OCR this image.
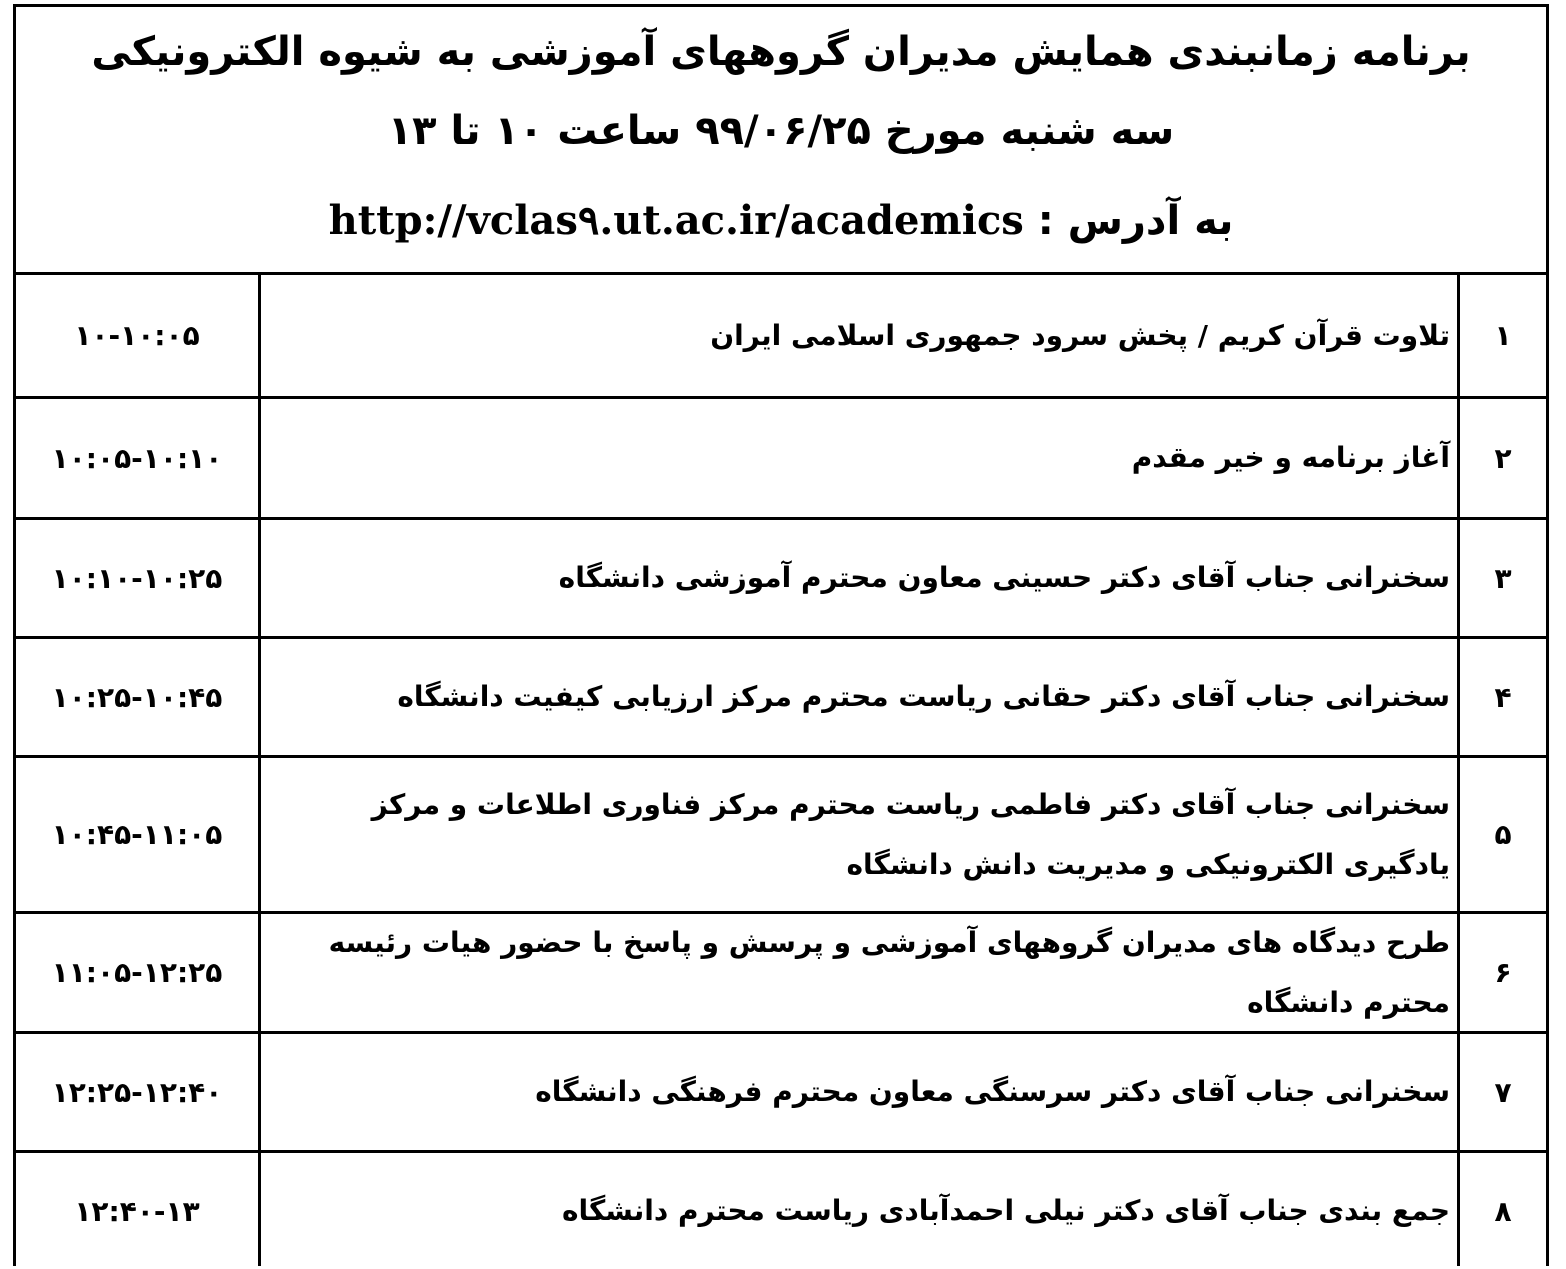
برنامه زمانبندی همایش مدیران گروههای آموزشی به شیوه الکترونیکی
سه شنبه مورخ ۹۹/۰۶/۲۵ ساعت ۱۰ تا ۱۳
به آدرس : http://vclas۹.ut.ac.ir/academics
۱
تلاوت قرآن کریم / پخش سرود جمهوری اسلامی ایران
۱۰-۱۰:۰۵
۲
آغاز برنامه و خیر مقدم
۱۰:۰۵-۱۰:۱۰
۳
سخنرانی جناب آقای دکتر حسینی معاون محترم آموزشی دانشگاه
۱۰:۱۰-۱۰:۲۵
۴
سخنرانی جناب آقای دکتر حقانی ریاست محترم مرکز ارزیابی کیفیت دانشگاه
۱۰:۲۵-۱۰:۴۵
۵
سخنرانی جناب آقای دکتر فاطمی ریاست محترم مرکز فناوری اطلاعات و مرکز یادگیری الکترونیکی و مدیریت دانش دانشگاه
۱۰:۴۵-۱۱:۰۵
۶
طرح دیدگاه های مدیران گروههای آموزشی و پرسش و پاسخ با حضور هیات رئیسه محترم دانشگاه
۱۱:۰۵-۱۲:۲۵
۷
سخنرانی جناب آقای دکتر سرسنگی معاون محترم فرهنگی دانشگاه
۱۲:۲۵-۱۲:۴۰
۸
جمع بندی جناب آقای دکتر نیلی احمدآبادی ریاست محترم دانشگاه
۱۲:۴۰-۱۳
